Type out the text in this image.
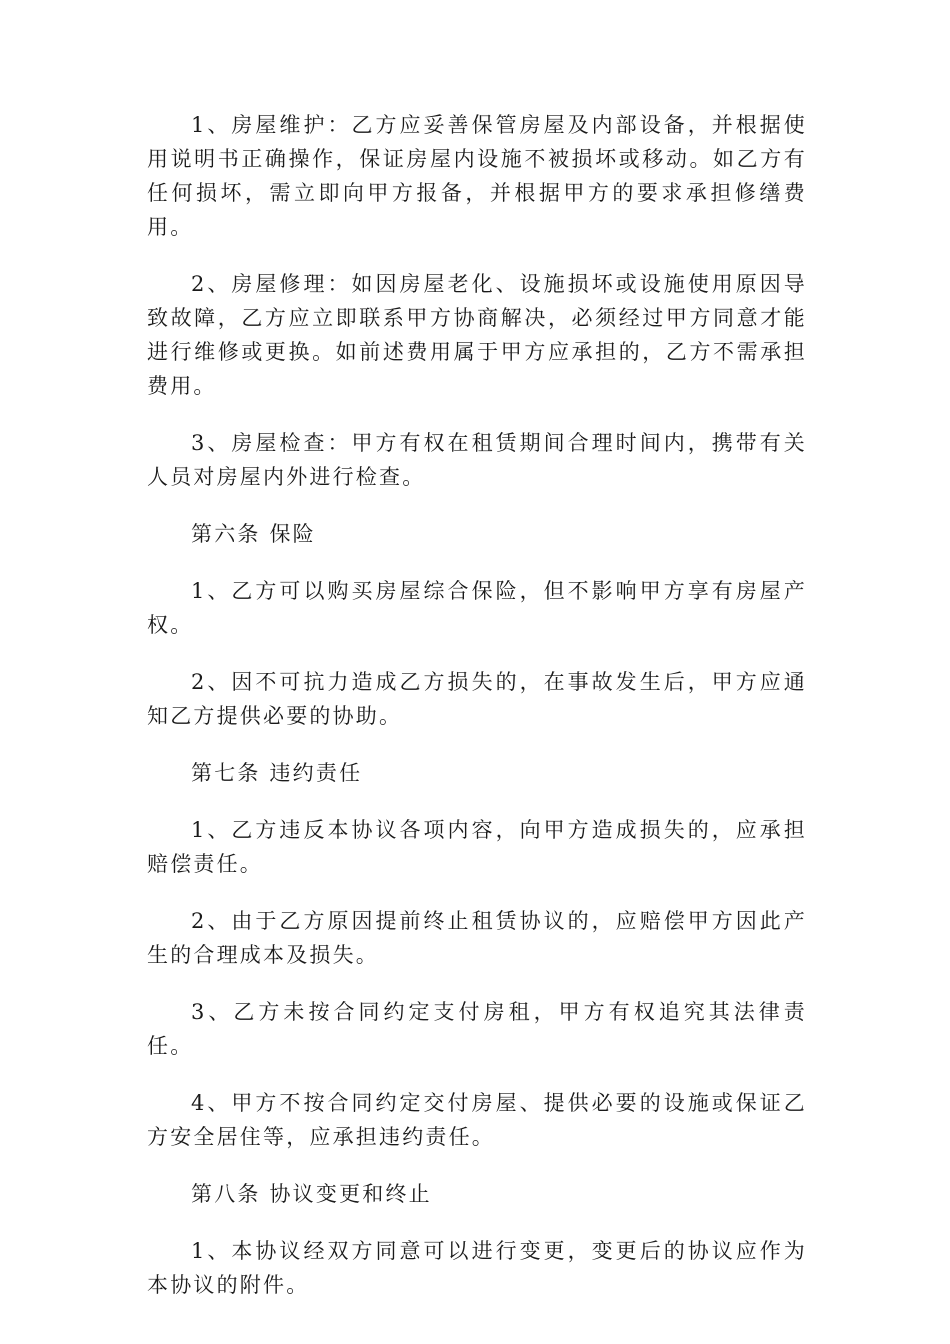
1、房屋维护：乙方应妥善保管房屋及内部设备，并根据使用说明书正确操作，保证房屋内设施不被损坏或移动。如乙方有任何损坏，需立即向甲方报备，并根据甲方的要求承担修缮费用。

2、房屋修理：如因房屋老化、设施损坏或设施使用原因导致故障，乙方应立即联系甲方协商解决，必须经过甲方同意才能进行维修或更换。如前述费用属于甲方应承担的，乙方不需承担费用。

3、房屋检查：甲方有权在租赁期间合理时间内，携带有关人员对房屋内外进行检查。

第六条 保险

1、乙方可以购买房屋综合保险，但不影响甲方享有房屋产权。

2、因不可抗力造成乙方损失的，在事故发生后，甲方应通知乙方提供必要的协助。

第七条 违约责任

1、乙方违反本协议各项内容，向甲方造成损失的，应承担赔偿责任。

2、由于乙方原因提前终止租赁协议的，应赔偿甲方因此产生的合理成本及损失。

3、乙方未按合同约定支付房租，甲方有权追究其法律责任。

4、甲方不按合同约定交付房屋、提供必要的设施或保证乙方安全居住等，应承担违约责任。

第八条 协议变更和终止

1、本协议经双方同意可以进行变更，变更后的协议应作为本协议的附件。
